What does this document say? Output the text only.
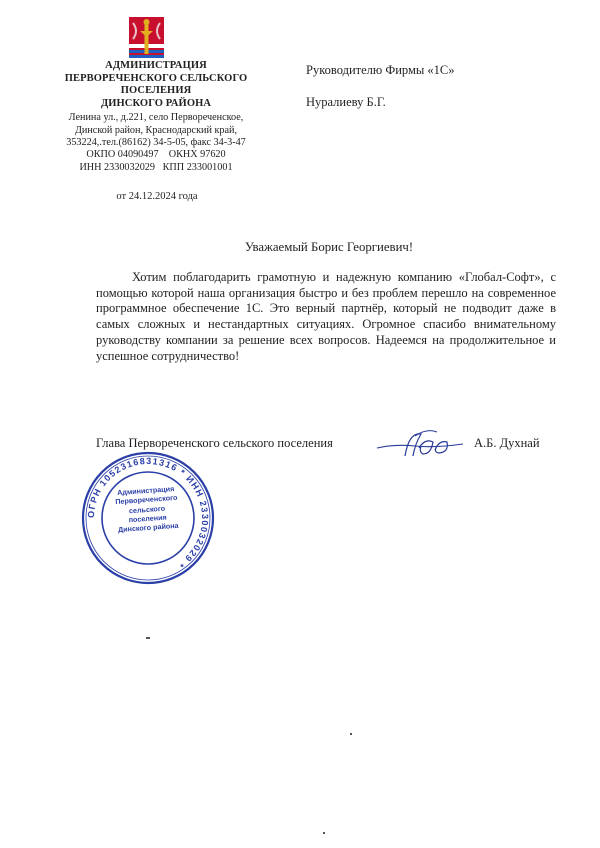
АДМИНИСТРАЦИЯ
ПЕРВОРЕЧЕНСКОГО СЕЛЬСКОГО
ПОСЕЛЕНИЯ
ДИНСКОГО РАЙОНА
Ленина ул., д.221, село Первореченское,
Динской район, Краснодарский край,
353224,.тел.(86162) 34-5-05, факс 34-3-47
ОКПО 04090497    ОКНХ 97620
ИНН 2330032029   КПП 233001001
от 24.12.2024 года
Руководителю Фирмы «1С»
Нуралиеву Б.Г.
Уважаемый Борис Георгиевич!
Хотим поблагодарить грамотную и надежную компанию «Глобал-Софт», с помощью которой наша организация быстро и без проблем перешло на современное программное обеспечение 1С. Это верный партнёр, который не подводит даже в самых сложных и нестандартных ситуациях. Огромное спасибо внимательному руководству компании за решение всех вопросов. Надеемся на продолжительное и успешное сотрудничество!
Глава Первореченского сельского поселения	А.Б. Духнай
ОГРН 1052316831316 * ИНН 2330032029 *
Администрация
Первореченского
сельского поселения
Динского района
